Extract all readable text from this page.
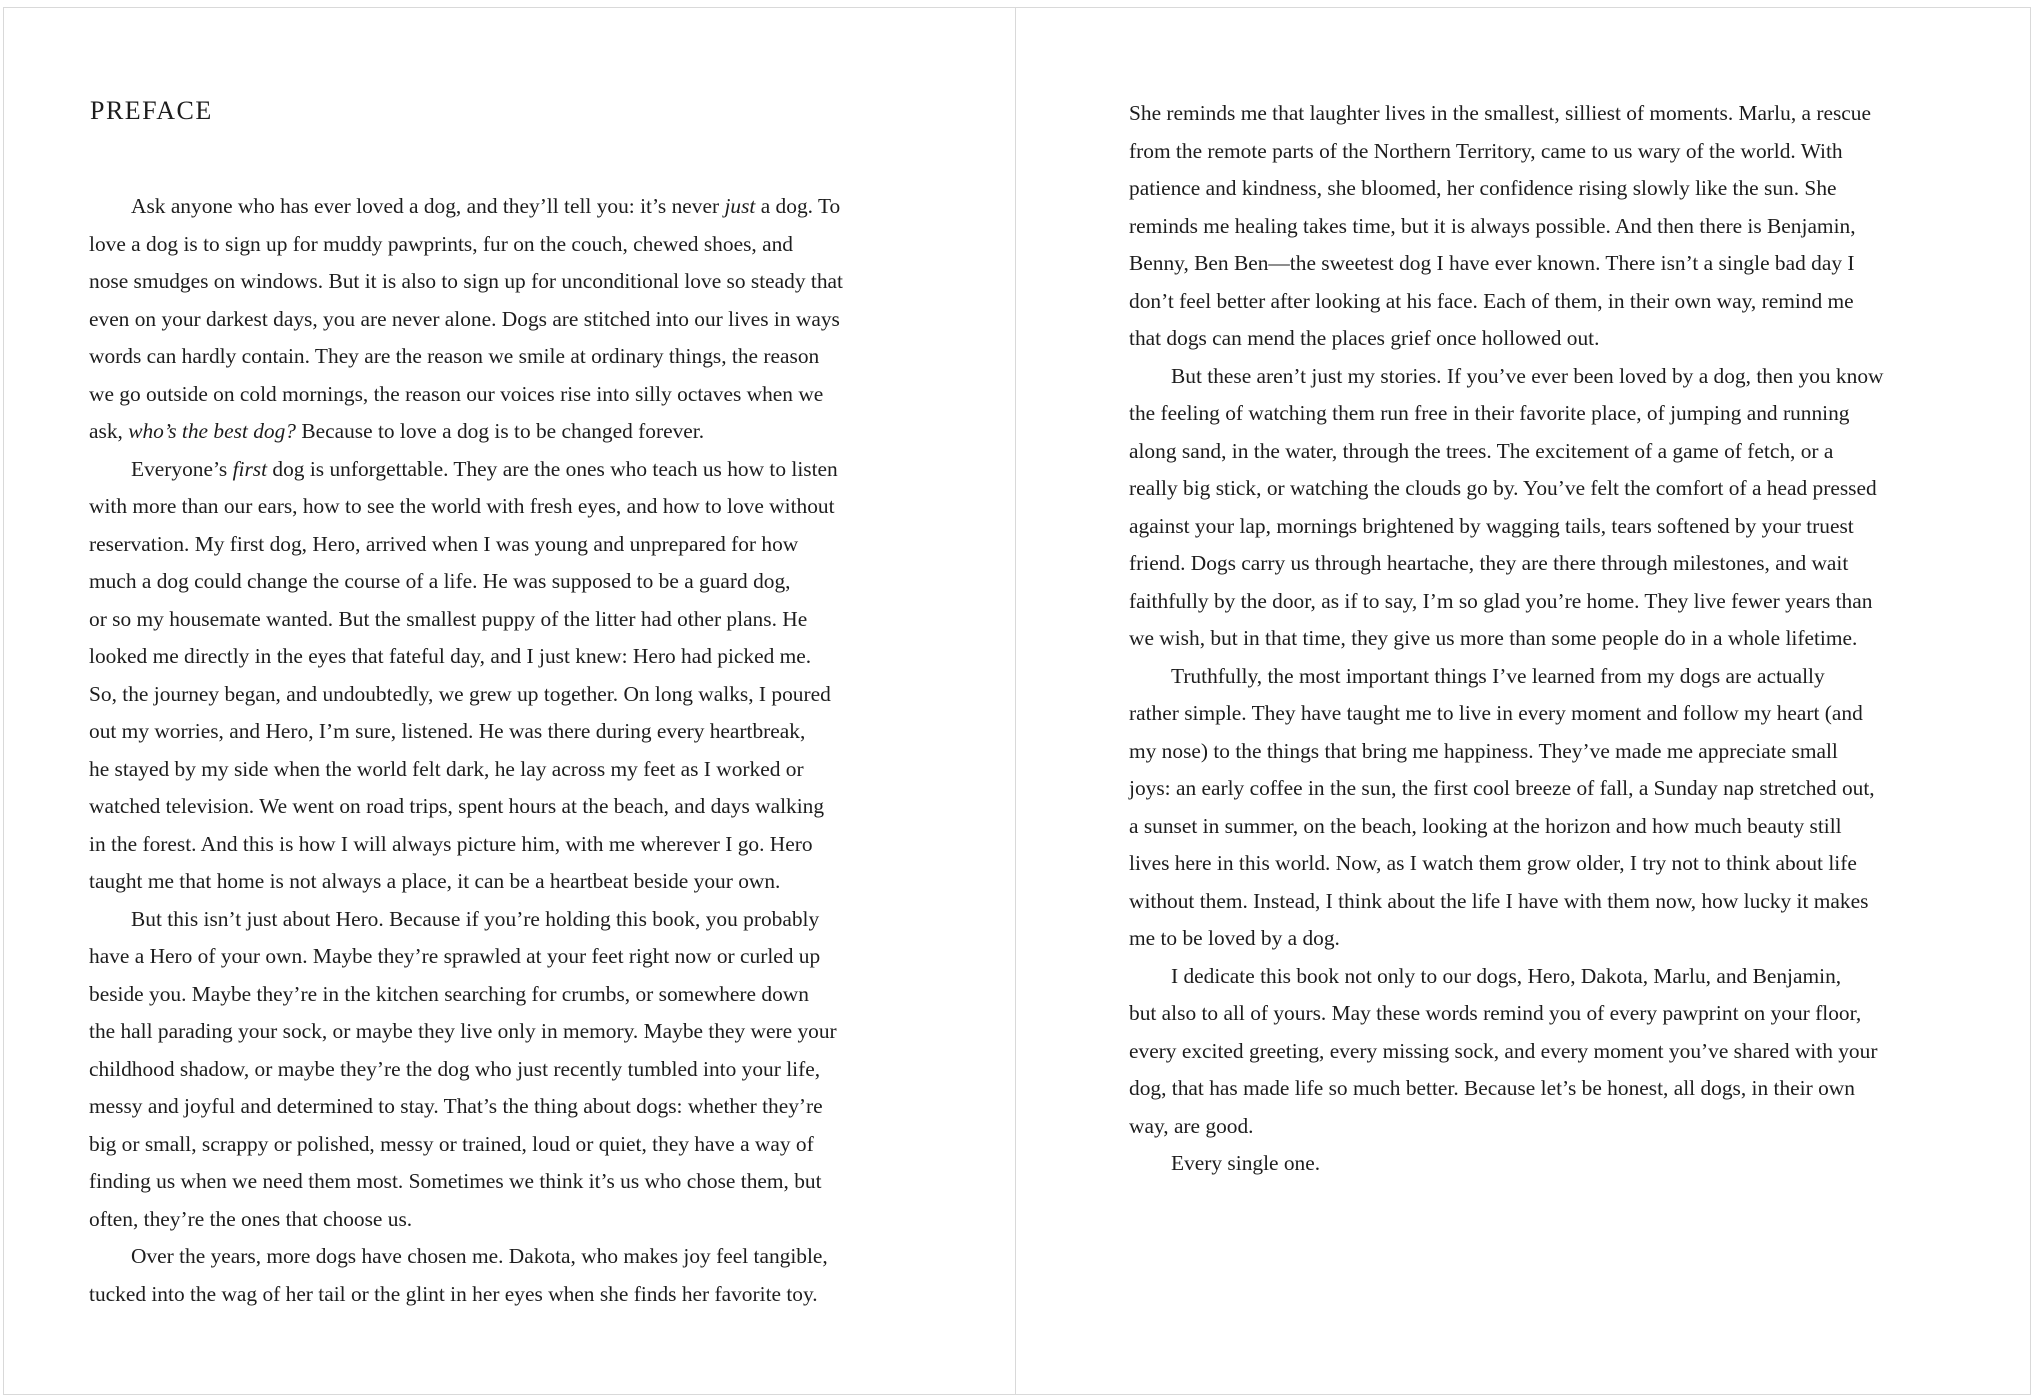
PREFACE
Ask anyone who has ever loved a dog, and they’ll tell you: it’s never just a dog. To
love a dog is to sign up for muddy pawprints, fur on the couch, chewed shoes, and
nose smudges on windows. But it is also to sign up for unconditional love so steady that
even on your darkest days, you are never alone. Dogs are stitched into our lives in ways
words can hardly contain. They are the reason we smile at ordinary things, the reason
we go outside on cold mornings, the reason our voices rise into silly octaves when we
ask, who’s the best dog? Because to love a dog is to be changed forever.
Everyone’s first dog is unforgettable. They are the ones who teach us how to listen
with more than our ears, how to see the world with fresh eyes, and how to love without
reservation. My first dog, Hero, arrived when I was young and unprepared for how
much a dog could change the course of a life. He was supposed to be a guard dog,
or so my housemate wanted. But the smallest puppy of the litter had other plans. He
looked me directly in the eyes that fateful day, and I just knew: Hero had picked me.
So, the journey began, and undoubtedly, we grew up together. On long walks, I poured
out my worries, and Hero, I’m sure, listened. He was there during every heartbreak,
he stayed by my side when the world felt dark, he lay across my feet as I worked or
watched television. We went on road trips, spent hours at the beach, and days walking
in the forest. And this is how I will always picture him, with me wherever I go. Hero
taught me that home is not always a place, it can be a heartbeat beside your own.
But this isn’t just about Hero. Because if you’re holding this book, you probably
have a Hero of your own. Maybe they’re sprawled at your feet right now or curled up
beside you. Maybe they’re in the kitchen searching for crumbs, or somewhere down
the hall parading your sock, or maybe they live only in memory. Maybe they were your
childhood shadow, or maybe they’re the dog who just recently tumbled into your life,
messy and joyful and determined to stay. That’s the thing about dogs: whether they’re
big or small, scrappy or polished, messy or trained, loud or quiet, they have a way of
finding us when we need them most. Sometimes we think it’s us who chose them, but
often, they’re the ones that choose us.
Over the years, more dogs have chosen me. Dakota, who makes joy feel tangible,
tucked into the wag of her tail or the glint in her eyes when she finds her favorite toy.
She reminds me that laughter lives in the smallest, silliest of moments. Marlu, a rescue
from the remote parts of the Northern Territory, came to us wary of the world. With
patience and kindness, she bloomed, her confidence rising slowly like the sun. She
reminds me healing takes time, but it is always possible. And then there is Benjamin,
Benny, Ben Ben—the sweetest dog I have ever known. There isn’t a single bad day I
don’t feel better after looking at his face. Each of them, in their own way, remind me
that dogs can mend the places grief once hollowed out.
But these aren’t just my stories. If you’ve ever been loved by a dog, then you know
the feeling of watching them run free in their favorite place, of jumping and running
along sand, in the water, through the trees. The excitement of a game of fetch, or a
really big stick, or watching the clouds go by. You’ve felt the comfort of a head pressed
against your lap, mornings brightened by wagging tails, tears softened by your truest
friend. Dogs carry us through heartache, they are there through milestones, and wait
faithfully by the door, as if to say, I’m so glad you’re home. They live fewer years than
we wish, but in that time, they give us more than some people do in a whole lifetime.
Truthfully, the most important things I’ve learned from my dogs are actually
rather simple. They have taught me to live in every moment and follow my heart (and
my nose) to the things that bring me happiness. They’ve made me appreciate small
joys: an early coffee in the sun, the first cool breeze of fall, a Sunday nap stretched out,
a sunset in summer, on the beach, looking at the horizon and how much beauty still
lives here in this world. Now, as I watch them grow older, I try not to think about life
without them. Instead, I think about the life I have with them now, how lucky it makes
me to be loved by a dog.
I dedicate this book not only to our dogs, Hero, Dakota, Marlu, and Benjamin,
but also to all of yours. May these words remind you of every pawprint on your floor,
every excited greeting, every missing sock, and every moment you’ve shared with your
dog, that has made life so much better. Because let’s be honest, all dogs, in their own
way, are good.
Every single one.
